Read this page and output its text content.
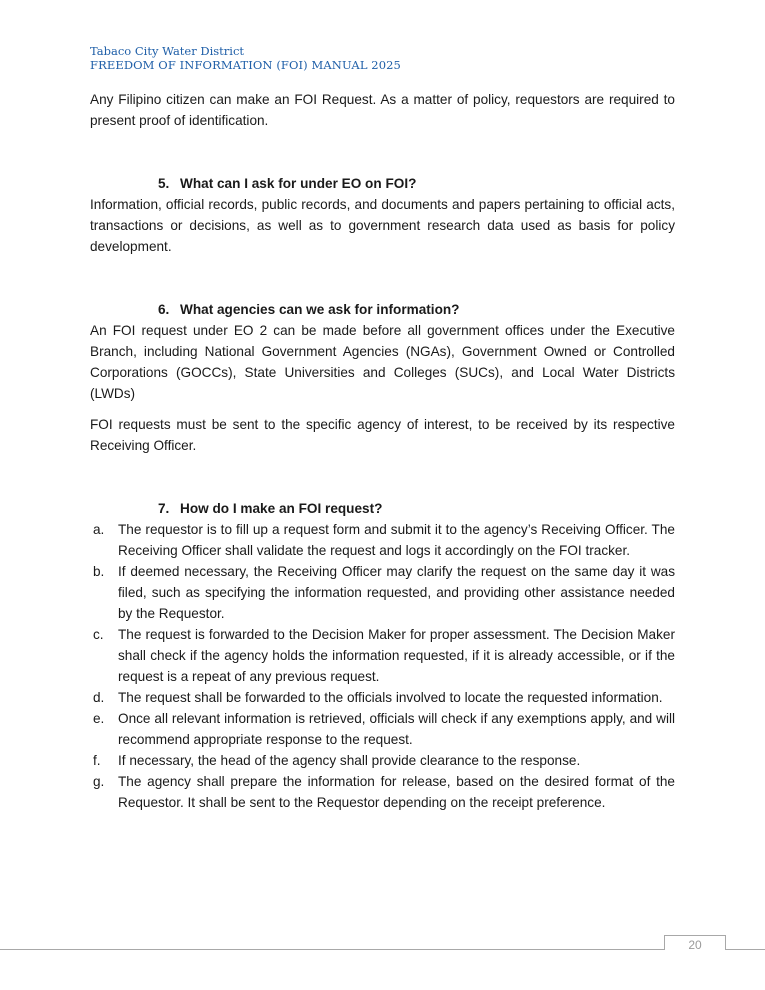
Tabaco City Water District
FREEDOM OF INFORMATION (FOI) MANUAL 2025

Any Filipino citizen can make an FOI Request. As a matter of policy, requestors are required to present proof of identification.

5. What can I ask for under EO on FOI?

Information, official records, public records, and documents and papers pertaining to official acts, transactions or decisions, as well as to government research data used as basis for policy development.

6. What agencies can we ask for information?

An FOI request under EO 2 can be made before all government offices under the Executive Branch, including National Government Agencies (NGAs), Government Owned or Controlled Corporations (GOCCs), State Universities and Colleges (SUCs), and Local Water Districts (LWDs)

FOI requests must be sent to the specific agency of interest, to be received by its respective Receiving Officer.

7. How do I make an FOI request?

a. The requestor is to fill up a request form and submit it to the agency’s Receiving Officer. The Receiving Officer shall validate the request and logs it accordingly on the FOI tracker.
b. If deemed necessary, the Receiving Officer may clarify the request on the same day it was filed, such as specifying the information requested, and providing other assistance needed by the Requestor.
c. The request is forwarded to the Decision Maker for proper assessment. The Decision Maker shall check if the agency holds the information requested, if it is already accessible, or if the request is a repeat of any previous request.
d. The request shall be forwarded to the officials involved to locate the requested information.
e. Once all relevant information is retrieved, officials will check if any exemptions apply, and will recommend appropriate response to the request.
f. If necessary, the head of the agency shall provide clearance to the response.
g. The agency shall prepare the information for release, based on the desired format of the Requestor. It shall be sent to the Requestor depending on the receipt preference.
20
